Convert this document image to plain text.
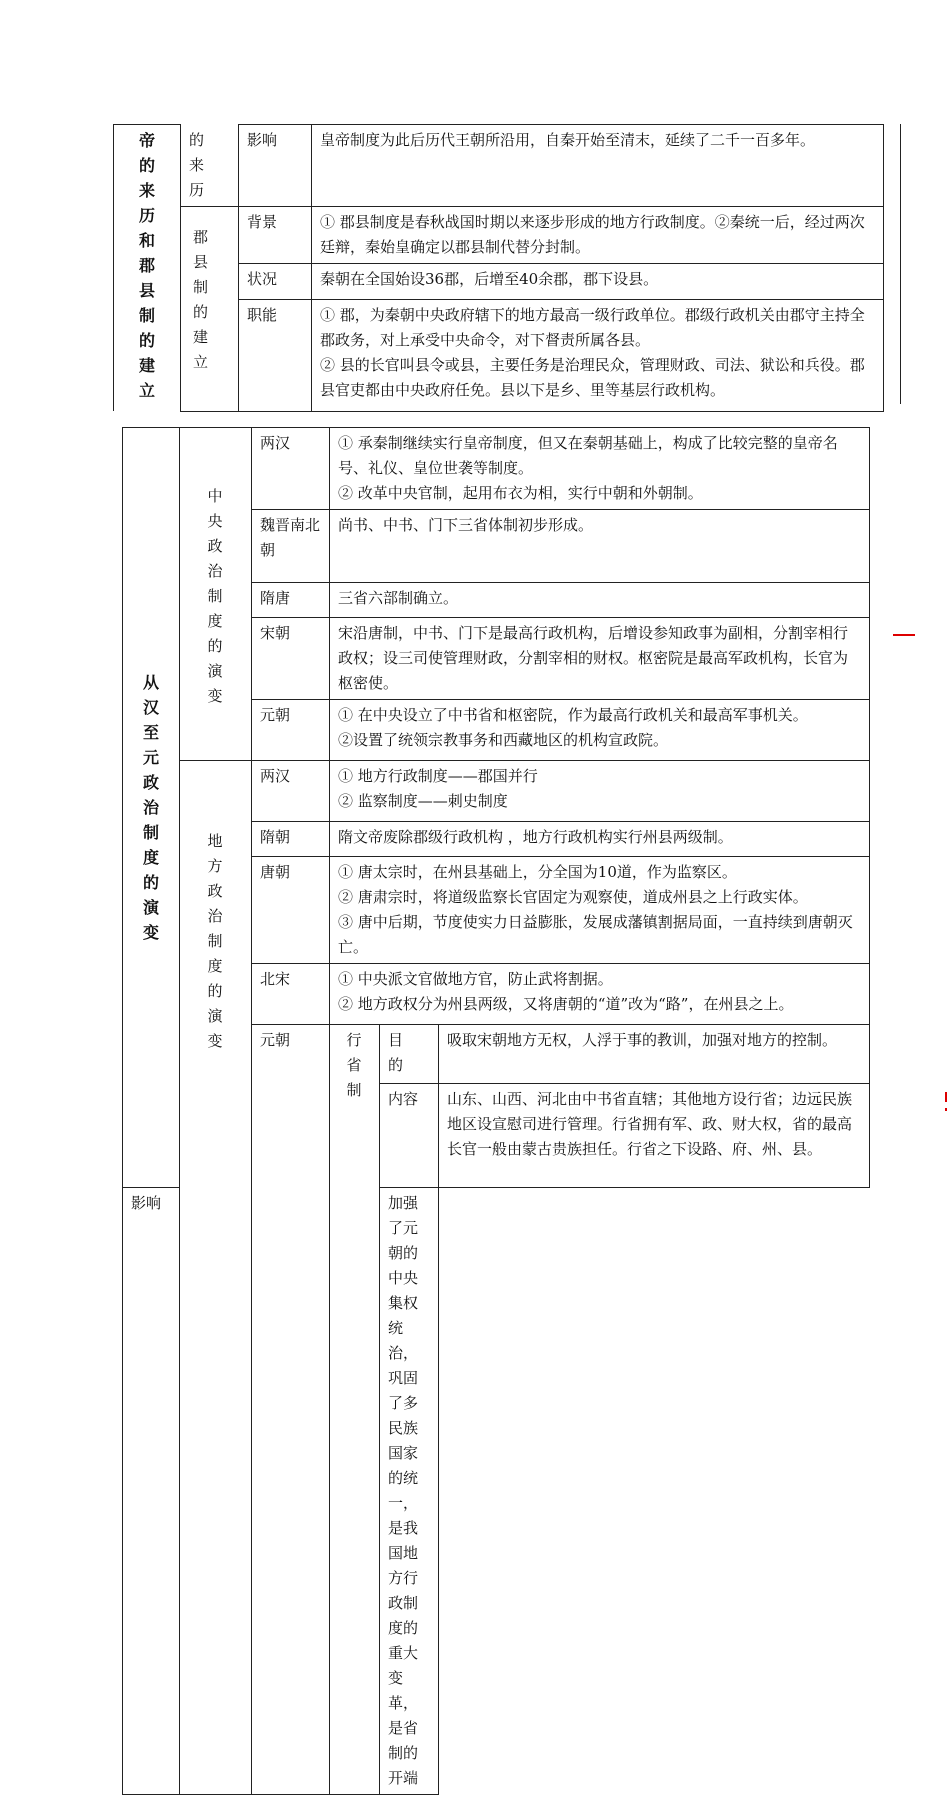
帝的来历和郡县制的建立	的来历	影响	皇帝制度为此后历代王朝所沿用，自秦开始至清末，延续了二千一百多年。

	郡县制的建立	背景	① 郡县制度是春秋战国时期以来逐步形成的地方行政制度。②秦统一后，经过两次廷辩，秦始皇确定以郡县制代替分封制。
		状况	秦朝在全国始设36郡，后增至40余郡，郡下设县。
		职能	① 郡，为秦朝中央政府辖下的地方最高一级行政单位。郡级行政机关由郡守主持全郡政务，对上承受中央命令，对下督责所属各县。
② 县的长官叫县令或县，主要任务是治理民众，管理财政、司法、狱讼和兵役。郡县官吏都由中央政府任免。县以下是乡、里等基层行政机构。
从汉至元政治制度的演变	中央政治制度的演变	两汉	① 承秦制继续实行皇帝制度，但又在秦朝基础上，构成了比较完整的皇帝名号、礼仪、皇位世袭等制度。
② 改革中央官制，起用布衣为相，实行中朝和外朝制。		

		魏晋南北朝	尚书、中书、门下三省体制初步形成。		
		隋唐	三省六部制确立。		
		宋朝	宋沿唐制，中书、门下是最高行政机构，后增设参知政事为副相，分割宰相行政权；设三司使管理财政，分割宰相的财权。枢密院是最高军政机构，长官为枢密使。		
		元朝	① 在中央设立了中书省和枢密院，作为最高行政机关和最高军事机关。
②设置了统领宗教事务和西藏地区的机构宣政院。		

	地方政治制度的演变	两汉	① 地方行政制度——郡国并行
② 监察制度——刺史制度		

		隋朝	隋文帝废除郡级行政机构 ，地方行政机构实行州县两级制。		
		唐朝	① 唐太宗时，在州县基础上，分全国为10道，作为监察区。
② 唐肃宗时，将道级监察长官固定为观察使，道成州县之上行政实体。
③ 唐中后期，节度使实力日益膨胀，发展成藩镇割据局面，一直持续到唐朝灭亡。		

		北宋	① 中央派文官做地方官，防止武将割据。
② 地方政权分为州县两级，又将唐朝的“道”改为“路”，在州县之上。		

		元朝	行省制	目的	吸取宋朝地方无权，人浮于事的教训，加强对地方的控制。
				内容	山东、山西、河北由中书省直辖；其他地方设行省；边远民族地区设宣慰司进行管理。行省拥有军、政、财大权，省的最高长官一般由蒙古贵族担任。行省之下设路、府、州、县。
影响				加强了元朝的中央集权统治，巩固了多民族国家的统一，是我国地方行政制度的重大变革，是省制的开端	
